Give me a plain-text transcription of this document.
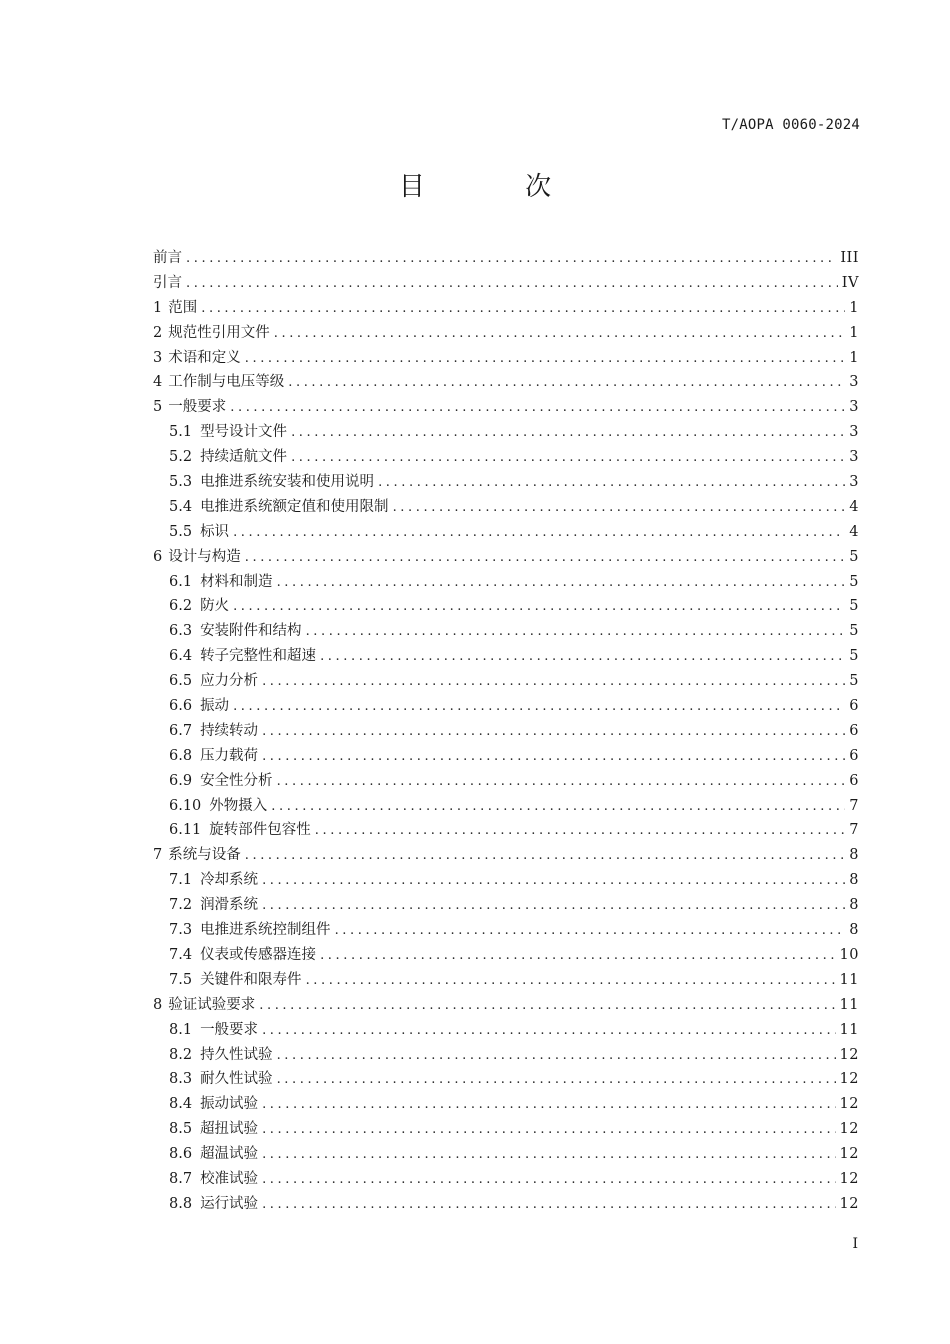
T/AOPA 0060-2024
目 次
前言 .....	III
引言 .....	IV
1 范围 .....	1
2 规范性引用文件 .....	1
3 术语和定义 .....	1
4 工作制与电压等级 .....	3
5 一般要求 .....	3
5.1 型号设计文件 .....	3
5.2 持续适航文件 .....	3
5.3 电推进系统安装和使用说明 .....	3
5.4 电推进系统额定值和使用限制 .....	4
5.5 标识 .....	4
6 设计与构造 .....	5
6.1 材料和制造 .....	5
6.2 防火 .....	5
6.3 安装附件和结构 .....	5
6.4 转子完整性和超速 .....	5
6.5 应力分析 .....	5
6.6 振动 .....	6
6.7 持续转动 .....	6
6.8 压力载荷 .....	6
6.9 安全性分析 .....	6
6.10 外物摄入 .....	7
6.11 旋转部件包容性 .....	7
7 系统与设备 .....	8
7.1 冷却系统 .....	8
7.2 润滑系统 .....	8
7.3 电推进系统控制组件 .....	8
7.4 仪表或传感器连接 .....	10
7.5 关键件和限寿件 .....	11
8 验证试验要求 .....	11
8.1 一般要求 .....	11
8.2 持久性试验 .....	12
8.3 耐久性试验 .....	12
8.4 振动试验 .....	12
8.5 超扭试验 .....	12
8.6 超温试验 .....	12
8.7 校准试验 .....	12
8.8 运行试验 .....	12
I
